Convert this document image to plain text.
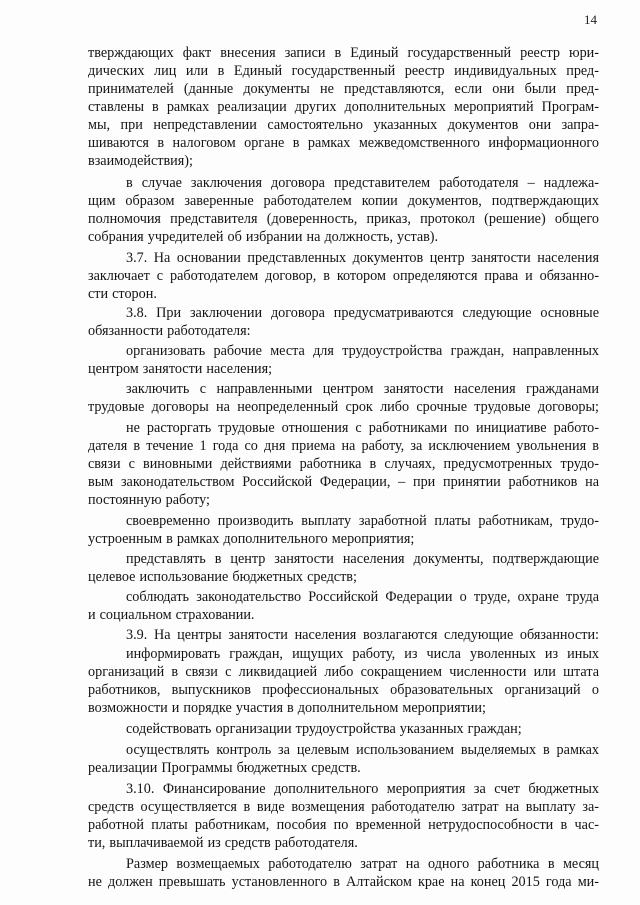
14
тверждающих факт внесения записи в Единый государственный реестр юри-
дических лиц или в Единый государственный реестр индивидуальных пред-
принимателей (данные документы не представляются, если они были пред-
ставлены в рамках реализации других дополнительных мероприятий Програм-
мы, при непредставлении самостоятельно указанных документов они запра-
шиваются в налоговом органе в рамках межведомственного информационного
взаимодействия);
в случае заключения договора представителем работодателя – надлежа-
щим образом заверенные работодателем копии документов, подтверждающих
полномочия представителя (доверенность, приказ, протокол (решение) общего
собрания учредителей об избрании на должность, устав).
3.7. На основании представленных документов центр занятости населения
заключает с работодателем договор, в котором определяются права и обязанно-
сти сторон.
3.8. При заключении договора предусматриваются следующие основные
обязанности работодателя:
организовать рабочие места для трудоустройства граждан, направленных
центром занятости населения;
заключить с направленными центром занятости населения гражданами
трудовые договоры на неопределенный срок либо срочные трудовые договоры;
не расторгать трудовые отношения с работниками по инициативе работо-
дателя в течение 1 года со дня приема на работу, за исключением увольнения в
связи с виновными действиями работника в случаях, предусмотренных трудо-
вым законодательством Российской Федерации, – при принятии работников на
постоянную работу;
своевременно производить выплату заработной платы работникам, трудо-
устроенным в рамках дополнительного мероприятия;
представлять в центр занятости населения документы, подтверждающие
целевое использование бюджетных средств;
соблюдать законодательство Российской Федерации о труде, охране труда
и социальном страховании.
3.9. На центры занятости населения возлагаются следующие обязанности:
информировать граждан, ищущих работу, из числа уволенных из иных
организаций в связи с ликвидацией либо сокращением численности или штата
работников, выпускников профессиональных образовательных организаций о
возможности и порядке участия в дополнительном мероприятии;
содействовать организации трудоустройства указанных граждан;
осуществлять контроль за целевым использованием выделяемых в рамках
реализации Программы бюджетных средств.
3.10. Финансирование дополнительного мероприятия за счет бюджетных
средств осуществляется в виде возмещения работодателю затрат на выплату за-
работной платы работникам, пособия по временной нетрудоспособности в час-
ти, выплачиваемой из средств работодателя.
Размер возмещаемых работодателю затрат на одного работника в месяц
не должен превышать установленного в Алтайском крае на конец 2015 года ми-
